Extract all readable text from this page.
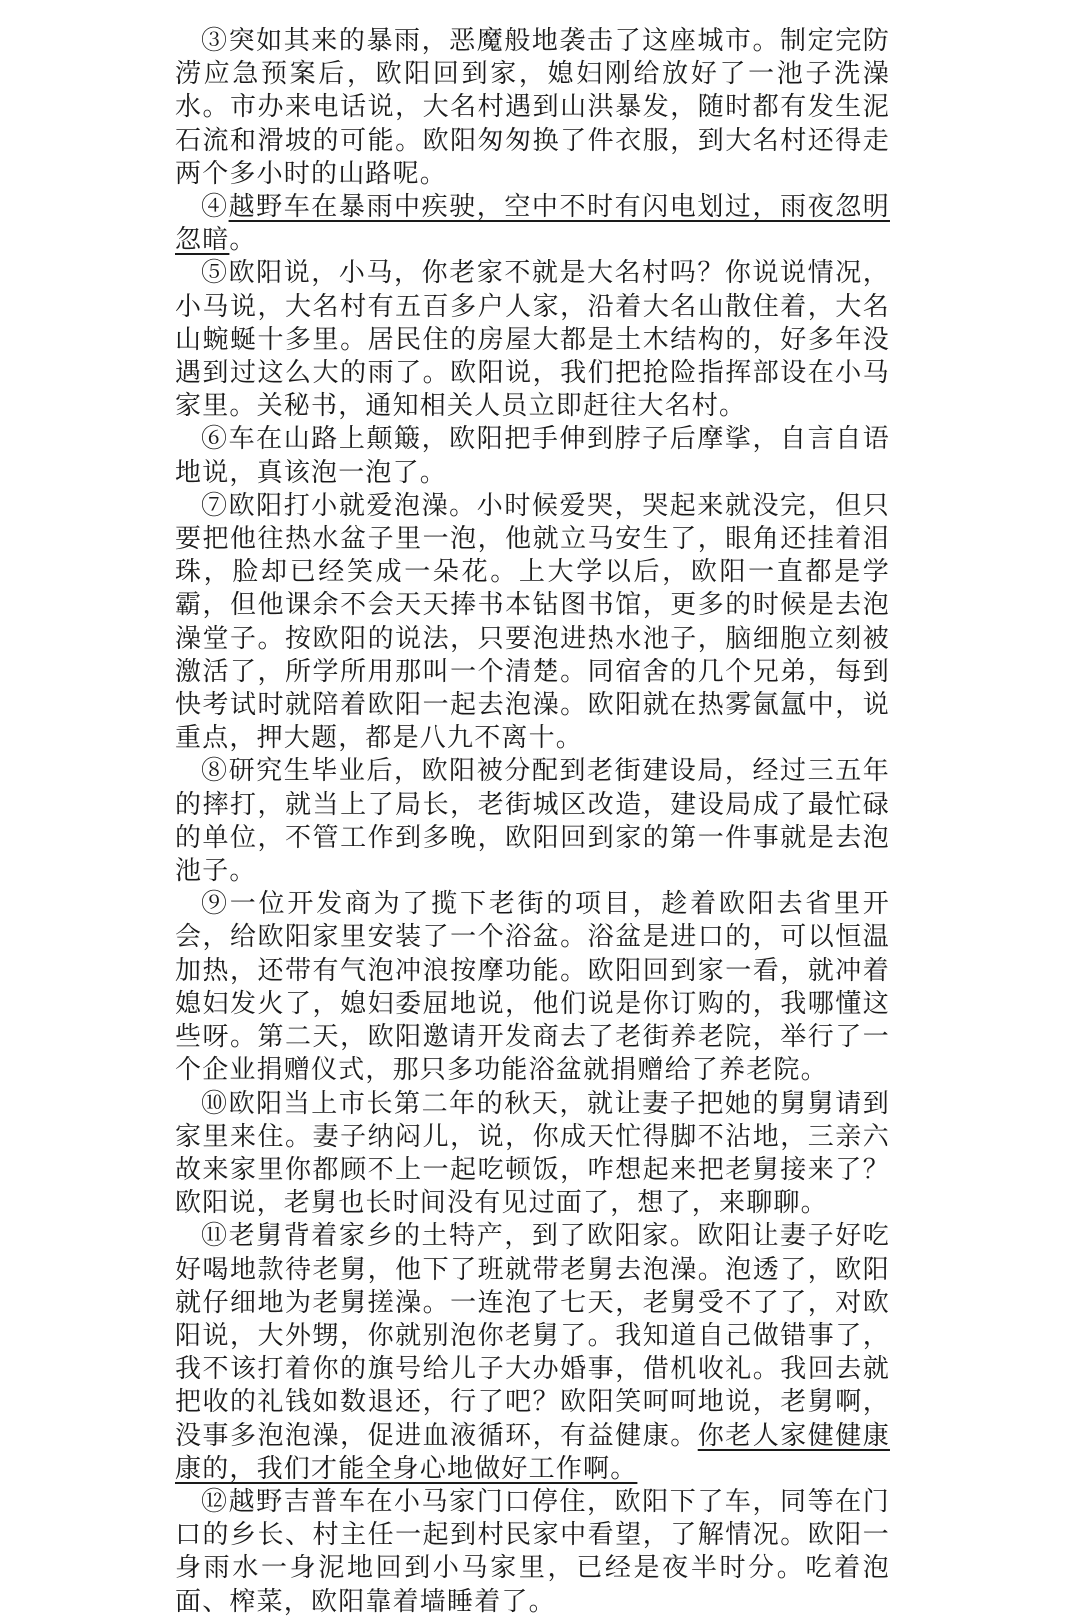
③突如其来的暴雨，恶魔般地袭击了这座城市。制定完防涝应急预案后，欧阳回到家，媳妇刚给放好了一池子洗澡水。市办来电话说，大名村遇到山洪暴发，随时都有发生泥石流和滑坡的可能。欧阳匆匆换了件衣服，到大名村还得走两个多小时的山路呢。

④越野车在暴雨中疾驶，空中不时有闪电划过，雨夜忽明忽暗。

⑤欧阳说，小马，你老家不就是大名村吗？你说说情况，小马说，大名村有五百多户人家，沿着大名山散住着，大名山蜿蜒十多里。居民住的房屋大都是土木结构的，好多年没遇到过这么大的雨了。欧阳说，我们把抢险指挥部设在小马家里。关秘书，通知相关人员立即赶往大名村。

⑥车在山路上颠簸，欧阳把手伸到脖子后摩挲，自言自语地说，真该泡一泡了。

⑦欧阳打小就爱泡澡。小时候爱哭，哭起来就没完，但只要把他往热水盆子里一泡，他就立马安生了，眼角还挂着泪珠，脸却已经笑成一朵花。上大学以后，欧阳一直都是学霸，但他课余不会天天捧书本钻图书馆，更多的时候是去泡澡堂子。按欧阳的说法，只要泡进热水池子，脑细胞立刻被激活了，所学所用那叫一个清楚。同宿舍的几个兄弟，每到快考试时就陪着欧阳一起去泡澡。欧阳就在热雾氤氲中，说重点，押大题，都是八九不离十。

⑧研究生毕业后，欧阳被分配到老街建设局，经过三五年的摔打，就当上了局长，老街城区改造，建设局成了最忙碌的单位，不管工作到多晚，欧阳回到家的第一件事就是去泡池子。

⑨一位开发商为了揽下老街的项目，趁着欧阳去省里开会，给欧阳家里安装了一个浴盆。浴盆是进口的，可以恒温加热，还带有气泡冲浪按摩功能。欧阳回到家一看，就冲着媳妇发火了，媳妇委屈地说，他们说是你订购的，我哪懂这些呀。第二天，欧阳邀请开发商去了老街养老院，举行了一个企业捐赠仪式，那只多功能浴盆就捐赠给了养老院。

⑩欧阳当上市长第二年的秋天，就让妻子把她的舅舅请到家里来住。妻子纳闷儿，说，你成天忙得脚不沾地，三亲六故来家里你都顾不上一起吃顿饭，咋想起来把老舅接来了？欧阳说，老舅也长时间没有见过面了，想了，来聊聊。

⑪老舅背着家乡的土特产，到了欧阳家。欧阳让妻子好吃好喝地款待老舅，他下了班就带老舅去泡澡。泡透了，欧阳就仔细地为老舅搓澡。一连泡了七天，老舅受不了了，对欧阳说，大外甥，你就别泡你老舅了。我知道自己做错事了，我不该打着你的旗号给儿子大办婚事，借机收礼。我回去就把收的礼钱如数退还，行了吧？欧阳笑呵呵地说，老舅啊，没事多泡泡澡，促进血液循环，有益健康。你老人家健健康康的，我们才能全身心地做好工作啊。

⑫越野吉普车在小马家门口停住，欧阳下了车，同等在门口的乡长、村主任一起到村民家中看望，了解情况。欧阳一身雨水一身泥地回到小马家里，已经是夜半时分。吃着泡面、榨菜，欧阳靠着墙睡着了。
